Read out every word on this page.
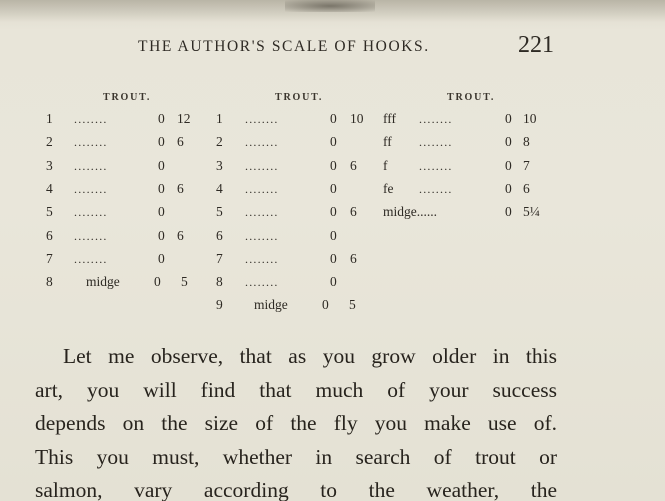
THE AUTHOR'S SCALE OF HOOKS.	221
TROUT.
1 ........	0 12
2 ........	0 6
3 ........	0
4 ........	0 6
5 ........	0
6 ........	0 6
7 ........	0
8 midge	0 5
TROUT.
1 ........	0 10
2 ........	0
3 ........	0 6
4 ........	0
5 ........	0 6
6 ........	0
7 ........	0 6
8 ........	0
9 midge	0 5
TROUT.
fff ........	0 10
ff ........	0 8
f	........	0 7
fe ........	0 6
midge......	0 5¼
Let me observe, that as you grow older in this
art, you will find that much of your success
depends on the size of the fly you make use of.
This you must, whether in search of trout or
salmon, vary according to the weather, the
